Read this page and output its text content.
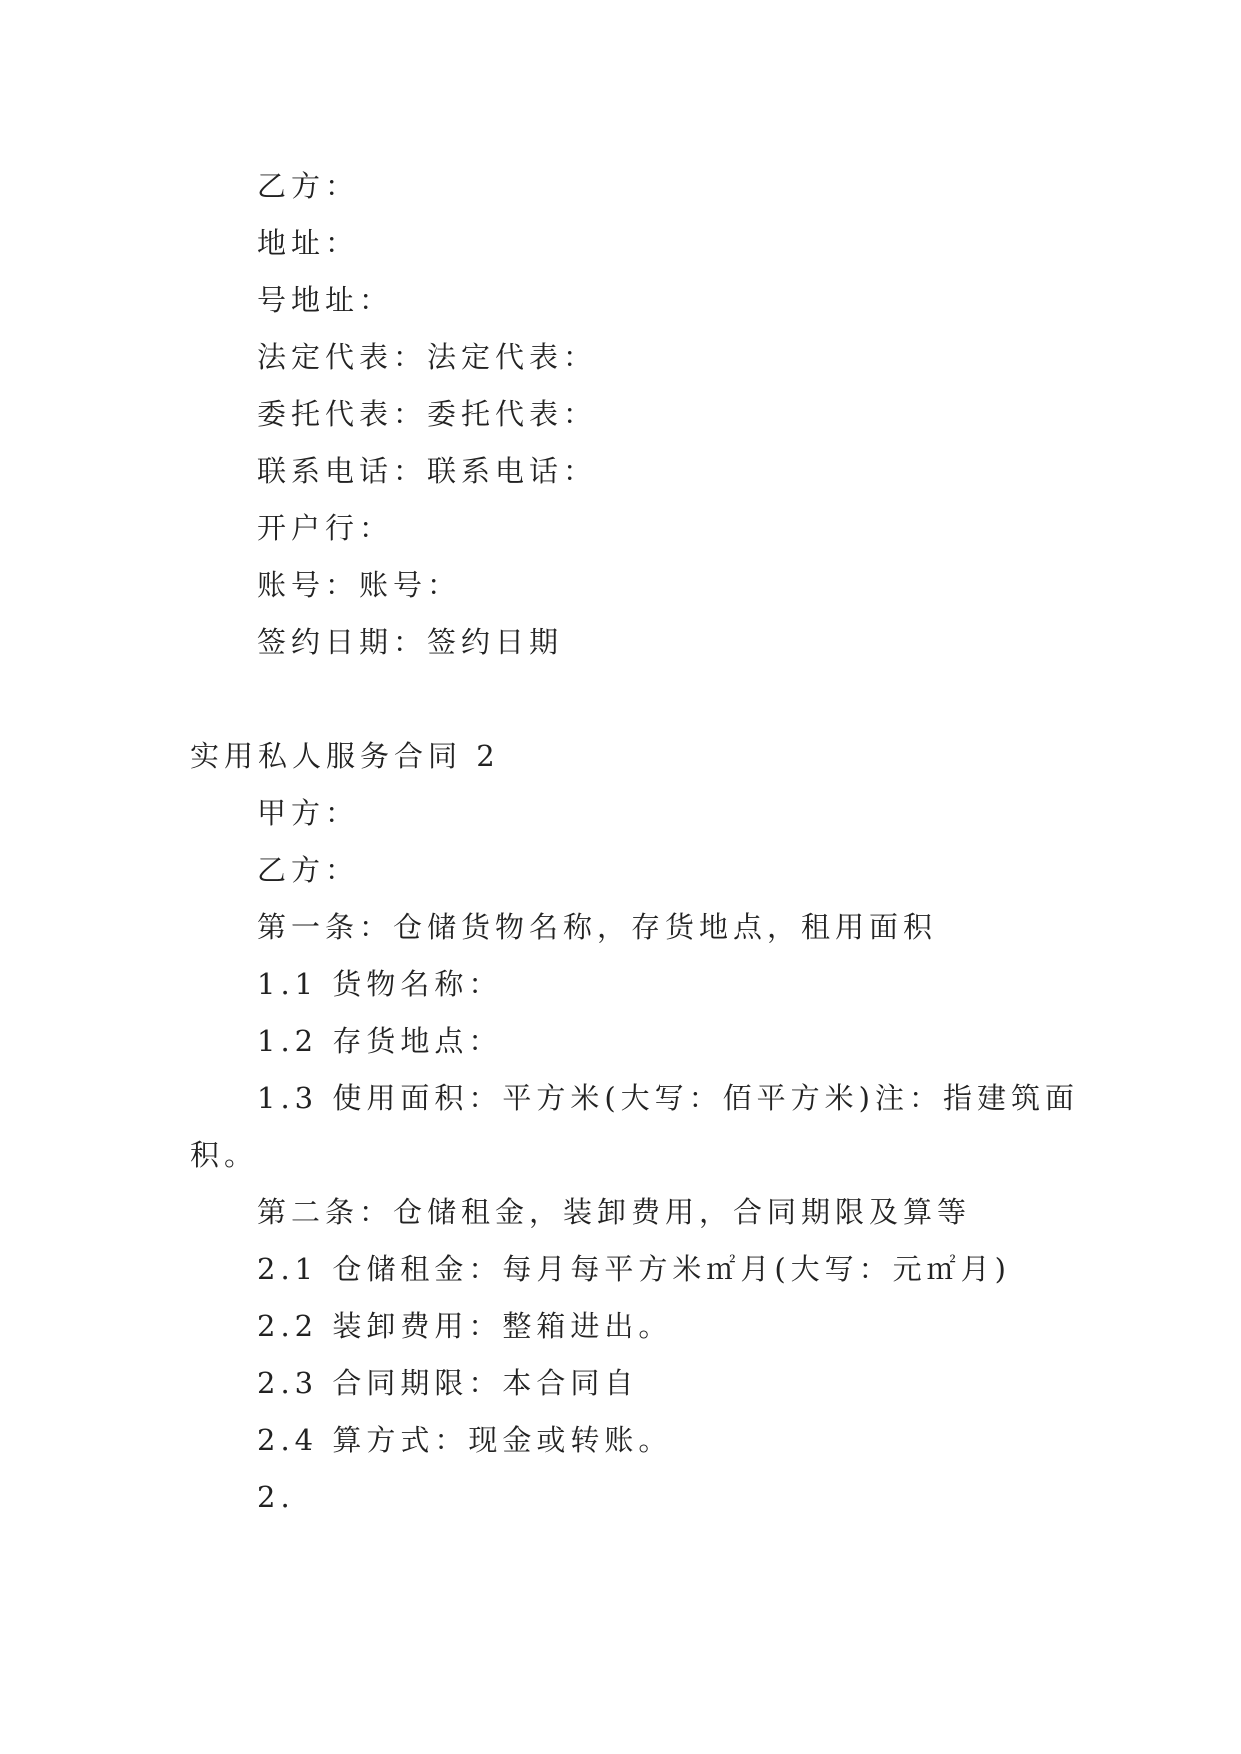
乙方：
地址：
号地址：
法定代表：法定代表：
委托代表：委托代表：
联系电话：联系电话：
开户行：
账号：账号：
签约日期：签约日期
实用私人服务合同 2
甲方：
乙方：
第一条：仓储货物名称，存货地点，租用面积
1.1 货物名称：
1.2 存货地点：
1.3 使用面积：平方米(大写：佰平方米)注：指建筑面
积。
第二条：仓储租金，装卸费用，合同期限及算等
2.1 仓储租金：每月每平方米㎡月(大写：元㎡月)
2.2 装卸费用：整箱进出。
2.3 合同期限：本合同自
2.4 算方式：现金或转账。
2.
